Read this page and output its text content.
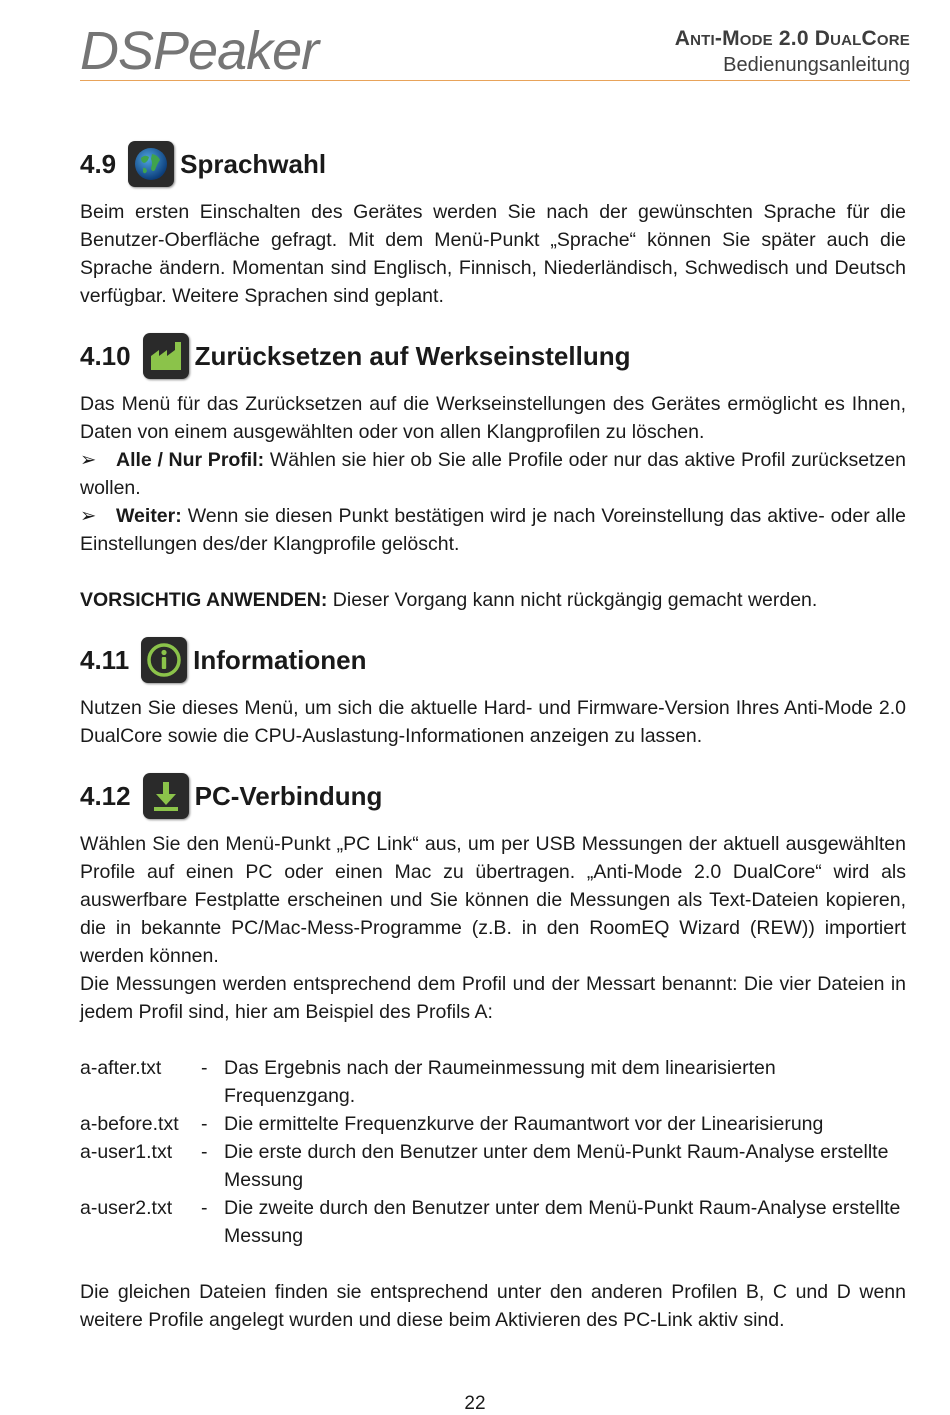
DSPeaker	Anti-Mode 2.0 DualCore
Bedienungsanleitung
4.9 Sprachwahl

Beim ersten Einschalten des Gerätes werden Sie nach der gewünschten Sprache für die Benutzer-Oberfläche gefragt. Mit dem Menü-Punkt „Sprache“ können Sie später auch die Sprache ändern. Momentan sind Englisch, Finnisch, Niederländisch, Schwedisch und Deutsch verfügbar. Weitere Sprachen sind geplant.

4.10 Zurücksetzen auf Werkseinstellung

Das Menü für das Zurücksetzen auf die Werkseinstellungen des Gerätes ermöglicht es Ihnen, Daten von einem ausgewählten oder von allen Klangprofilen zu löschen.

➢ Alle / Nur Profil: Wählen sie hier ob Sie alle Profile oder nur das aktive Profil zurücksetzen wollen.

➢ Weiter: Wenn sie diesen Punkt bestätigen wird je nach Voreinstellung das aktive- oder alle Einstellungen des/der Klangprofile gelöscht.

VORSICHTIG ANWENDEN: Dieser Vorgang kann nicht rückgängig gemacht werden.

4.11 Informationen

Nutzen Sie dieses Menü, um sich die aktuelle Hard- und Firmware-Version Ihres Anti-Mode 2.0 DualCore sowie die CPU-Auslastung-Informationen anzeigen zu lassen.

4.12 PC-Verbindung

Wählen Sie den Menü-Punkt „PC Link“ aus, um per USB Messungen der aktuell ausgewählten Profile auf einen PC oder einen Mac zu übertragen. „Anti-Mode 2.0 DualCore“ wird als auswerfbare Festplatte erscheinen und Sie können die Messungen als Text-Dateien kopieren, die in bekannte PC/Mac-Mess-Programme (z.B. in den RoomEQ Wizard (REW)) importiert werden können.

Die Messungen werden entsprechend dem Profil und der Messart benannt: Die vier Dateien in jedem Profil sind, hier am Beispiel des Profils A:

a-after.txt	- Das Ergebnis nach der Raumeinmessung mit dem linearisierten Frequenzgang.
a-before.txt	- Die ermittelte Frequenzkurve der Raumantwort vor der Linearisierung
a-user1.txt	- Die erste durch den Benutzer unter dem Menü-Punkt Raum-Analyse erstellte Messung
a-user2.txt	- Die zweite durch den Benutzer unter dem Menü-Punkt Raum-Analyse erstellte Messung

Die gleichen Dateien finden sie entsprechend unter den anderen Profilen B, C und D wenn weitere Profile angelegt wurden und diese beim Aktivieren des PC-Link aktiv sind.

22
